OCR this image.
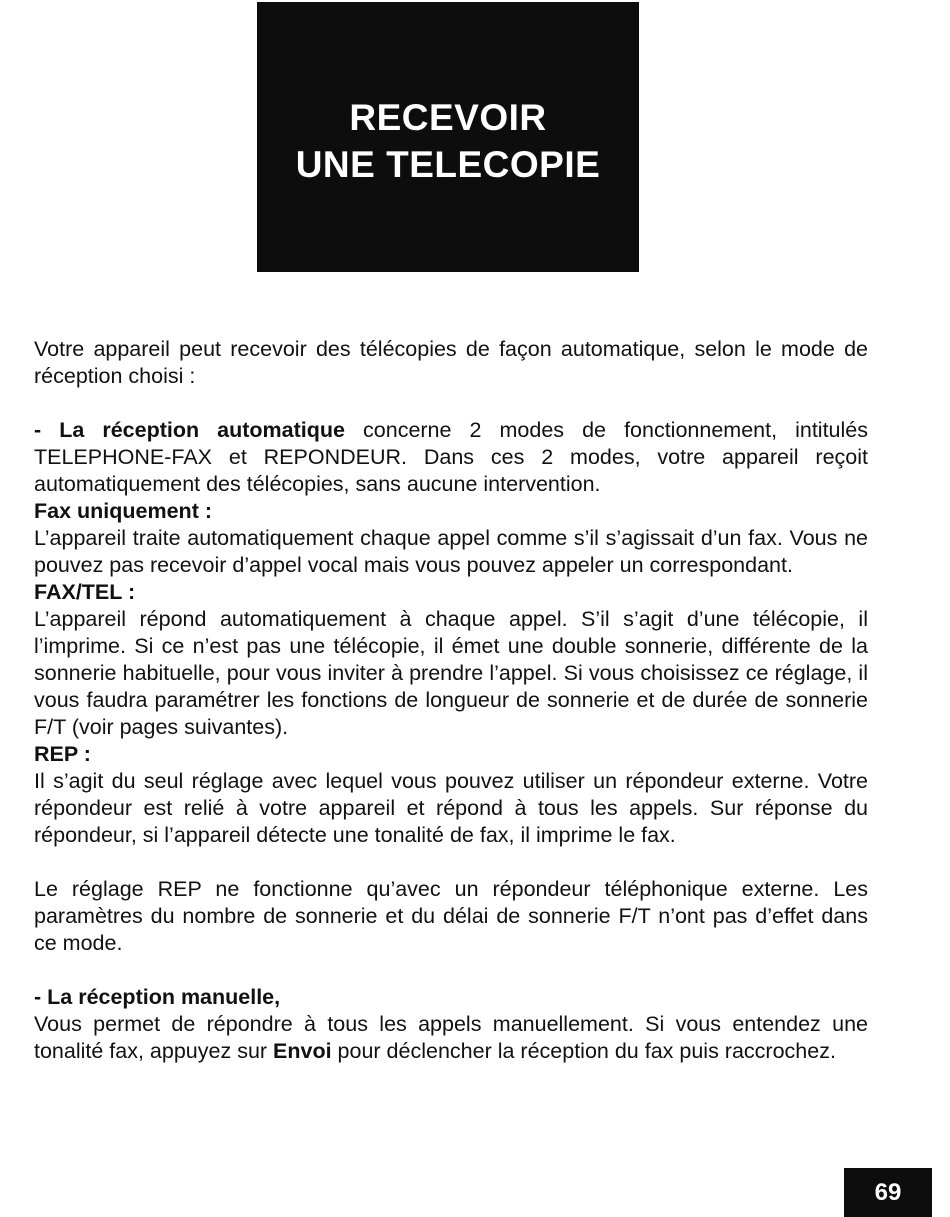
RECEVOIR
UNE TELECOPIE

Votre appareil peut recevoir des télécopies de façon automatique, selon le mode de réception choisi :

- La réception automatique concerne 2 modes de fonctionnement, intitulés TELEPHONE-FAX et REPONDEUR. Dans ces 2 modes, votre appareil reçoit automatiquement des télécopies, sans aucune intervention.

Fax uniquement :

L’appareil traite automatiquement chaque appel comme s’il s’agissait d’un fax. Vous ne pouvez pas recevoir d’appel vocal mais vous pouvez appeler un correspondant.

FAX/TEL :

L’appareil répond automatiquement à chaque appel. S’il s’agit d’une télécopie, il l’imprime. Si ce n’est pas une télécopie, il émet une double sonnerie, différente de la sonnerie habituelle, pour vous inviter à prendre l’appel. Si vous choisissez ce réglage, il vous faudra paramétrer les fonctions de longueur de sonnerie et de durée de sonnerie F/T (voir pages suivantes).

REP :

Il s’agit du seul réglage avec lequel vous pouvez utiliser un répondeur externe. Votre répondeur est relié à votre appareil et répond à tous les appels. Sur réponse du répondeur, si l’appareil détecte une tonalité de fax, il imprime le fax.

Le réglage REP ne fonctionne qu’avec un répondeur téléphonique externe. Les paramètres du nombre de sonnerie et du délai de sonnerie F/T n’ont pas d’effet dans ce mode.

- La réception manuelle,

Vous permet de répondre à tous les appels manuellement. Si vous entendez une tonalité fax, appuyez sur Envoi pour déclencher la réception du fax puis raccrochez.

69
